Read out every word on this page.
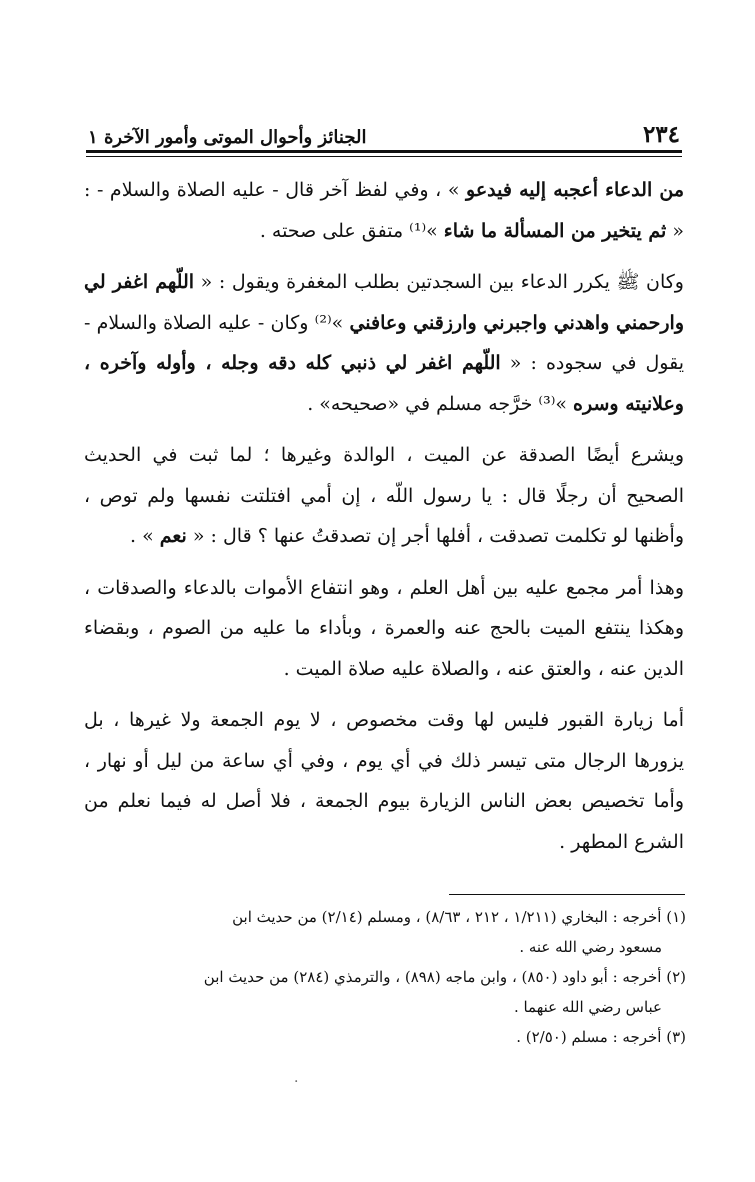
٢٣٤
الجنائز وأحوال الموتى وأمور الآخرة ١

من الدعاء أعجبه إليه فيدعو » ، وفي لفظ آخر قال - عليه الصلاة والسلام - : « ثم يتخير من المسألة ما شاء »⁽¹⁾ متفق على صحته .

وكان ﷺ يكرر الدعاء بين السجدتين بطلب المغفرة ويقول : « اللّهم اغفر لي وارحمني واهدني واجبرني وارزقني وعافني »⁽²⁾ وكان - عليه الصلاة والسلام - يقول في سجوده : « اللّهم اغفر لي ذنبي كله دقه وجله ، وأوله وآخره ، وعلانيته وسره »⁽³⁾ خرَّجه مسلم في «صحيحه» .

ويشرع أيضًا الصدقة عن الميت ، الوالدة وغيرها ؛ لما ثبت في الحديث الصحيح أن رجلًا قال : يا رسول اللّه ، إن أمي افتلتت نفسها ولم توص ، وأظنها لو تكلمت تصدقت ، أفلها أجر إن تصدقتُ عنها ؟ قال : « نعم » .

وهذا أمر مجمع عليه بين أهل العلم ، وهو انتفاع الأموات بالدعاء والصدقات ، وهكذا ينتفع الميت بالحج عنه والعمرة ، وبأداء ما عليه من الصوم ، وبقضاء الدين عنه ، والعتق عنه ، والصلاة عليه صلاة الميت .

أما زيارة القبور فليس لها وقت مخصوص ، لا يوم الجمعة ولا غيرها ، بل يزورها الرجال متى تيسر ذلك في أي يوم ، وفي أي ساعة من ليل أو نهار ، وأما تخصيص بعض الناس الزيارة بيوم الجمعة ، فلا أصل له فيما نعلم من الشرع المطهر .

(١) أخرجه : البخاري (١/٢١١ ، ٢١٢ ، ٨/٦٣) ، ومسلم (٢/١٤) من حديث ابن
مسعود رضي الله عنه .

(٢) أخرجه : أبو داود (٨٥٠) ، وابن ماجه (٨٩٨) ، والترمذي (٢٨٤) من حديث ابن
عباس رضي الله عنهما .

(٣) أخرجه : مسلم (٢/٥٠) .

·
